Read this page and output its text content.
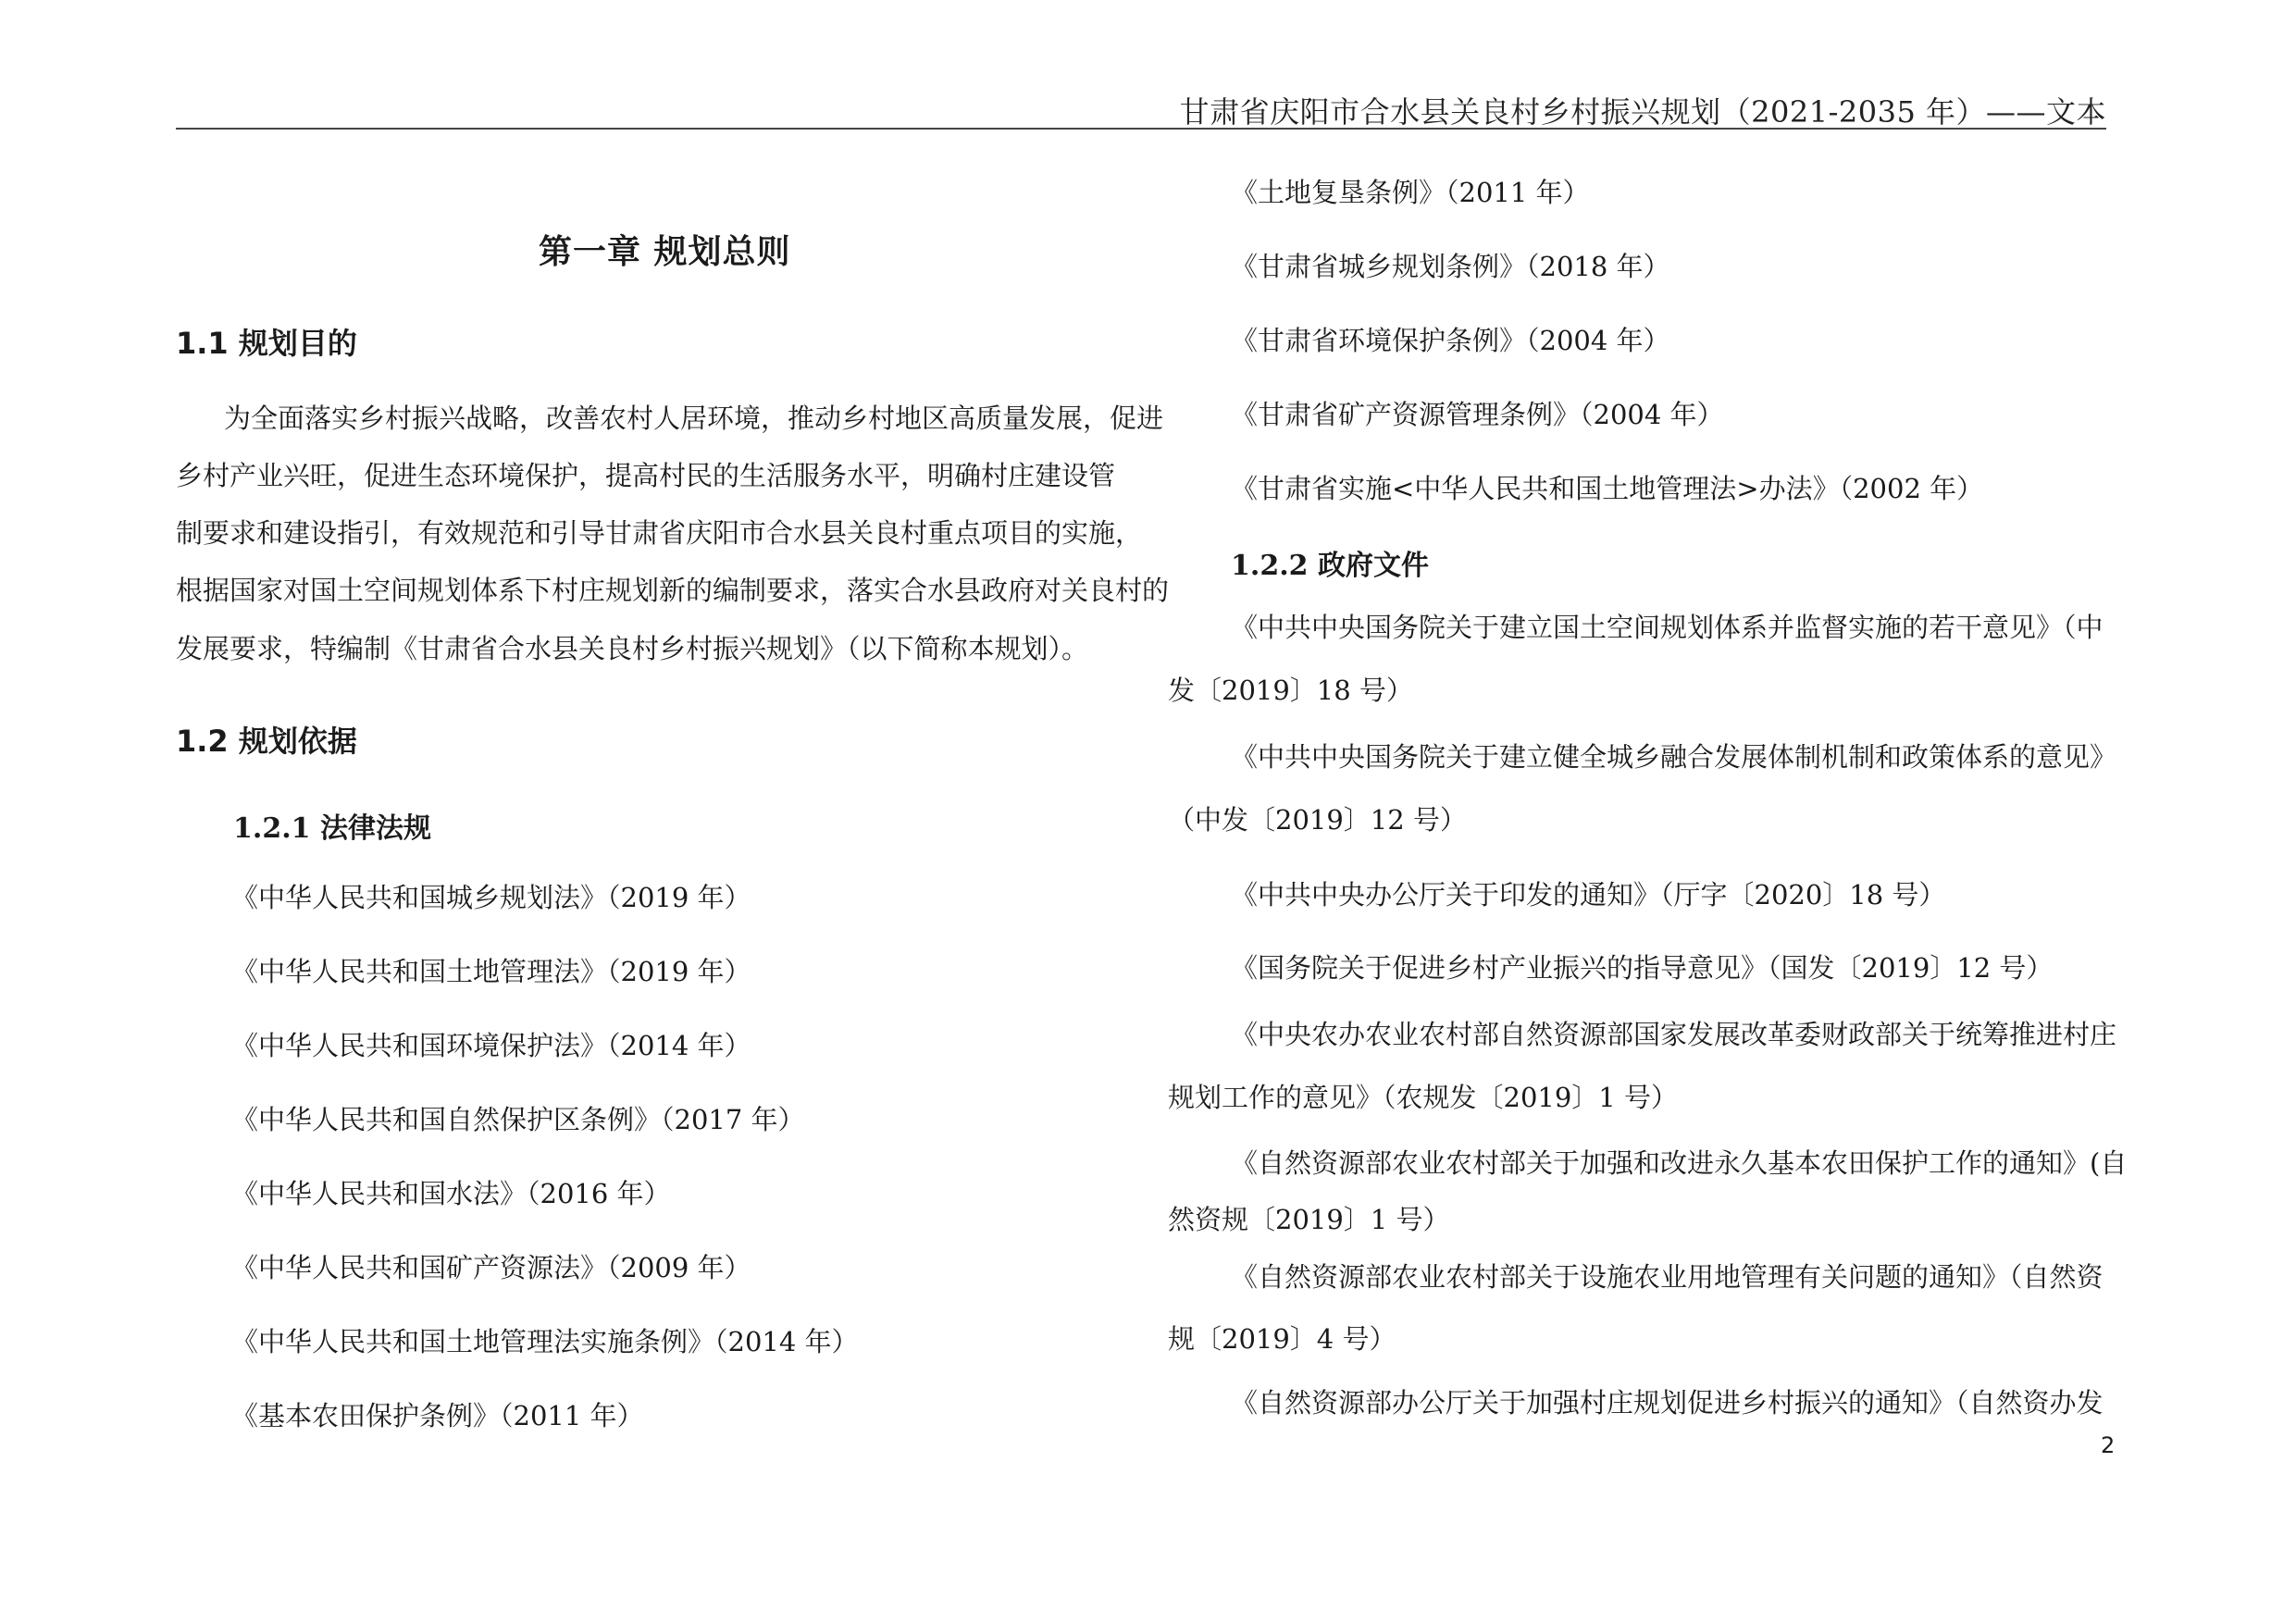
甘肃省庆阳市合水县关良村乡村振兴规划（2021-2035 年）——文本
第一章 规划总则
1.1 规划目的
为全面落实乡村振兴战略，改善农村人居环境，推动乡村地区高质量发展，促进
乡村产业兴旺，促进生态环境保护，提高村民的生活服务水平，明确村庄建设管
制要求和建设指引，有效规范和引导甘肃省庆阳市合水县关良村重点项目的实施，
根据国家对国土空间规划体系下村庄规划新的编制要求，落实合水县政府对关良村的
发展要求，特编制《甘肃省合水县关良村乡村振兴规划》（以下简称本规划）。
1.2 规划依据
1.2.1 法律法规
《中华人民共和国城乡规划法》（2019 年）
《中华人民共和国土地管理法》（2019 年）
《中华人民共和国环境保护法》（2014 年）
《中华人民共和国自然保护区条例》（2017 年）
《中华人民共和国水法》（2016 年）
《中华人民共和国矿产资源法》（2009 年）
《中华人民共和国土地管理法实施条例》（2014 年）
《基本农田保护条例》（2011 年）
《土地复垦条例》（2011 年）
《甘肃省城乡规划条例》（2018 年）
《甘肃省环境保护条例》（2004 年）
《甘肃省矿产资源管理条例》（2004 年）
《甘肃省实施<中华人民共和国土地管理法>办法》（2002 年）
1.2.2 政府文件
《中共中央国务院关于建立国土空间规划体系并监督实施的若干意见》（中
发〔2019〕18 号）
《中共中央国务院关于建立健全城乡融合发展体制机制和政策体系的意见》
（中发〔2019〕12 号）
《中共中央办公厅关于印发的通知》（厅字〔2020〕18 号）
《国务院关于促进乡村产业振兴的指导意见》（国发〔2019〕12 号）
《中央农办农业农村部自然资源部国家发展改革委财政部关于统筹推进村庄
规划工作的意见》（农规发〔2019〕1 号）
《自然资源部农业农村部关于加强和改进永久基本农田保护工作的通知》(自
然资规〔2019〕1 号）
《自然资源部农业农村部关于设施农业用地管理有关问题的通知》（自然资
规〔2019〕4 号）
《自然资源部办公厅关于加强村庄规划促进乡村振兴的通知》（自然资办发
2
